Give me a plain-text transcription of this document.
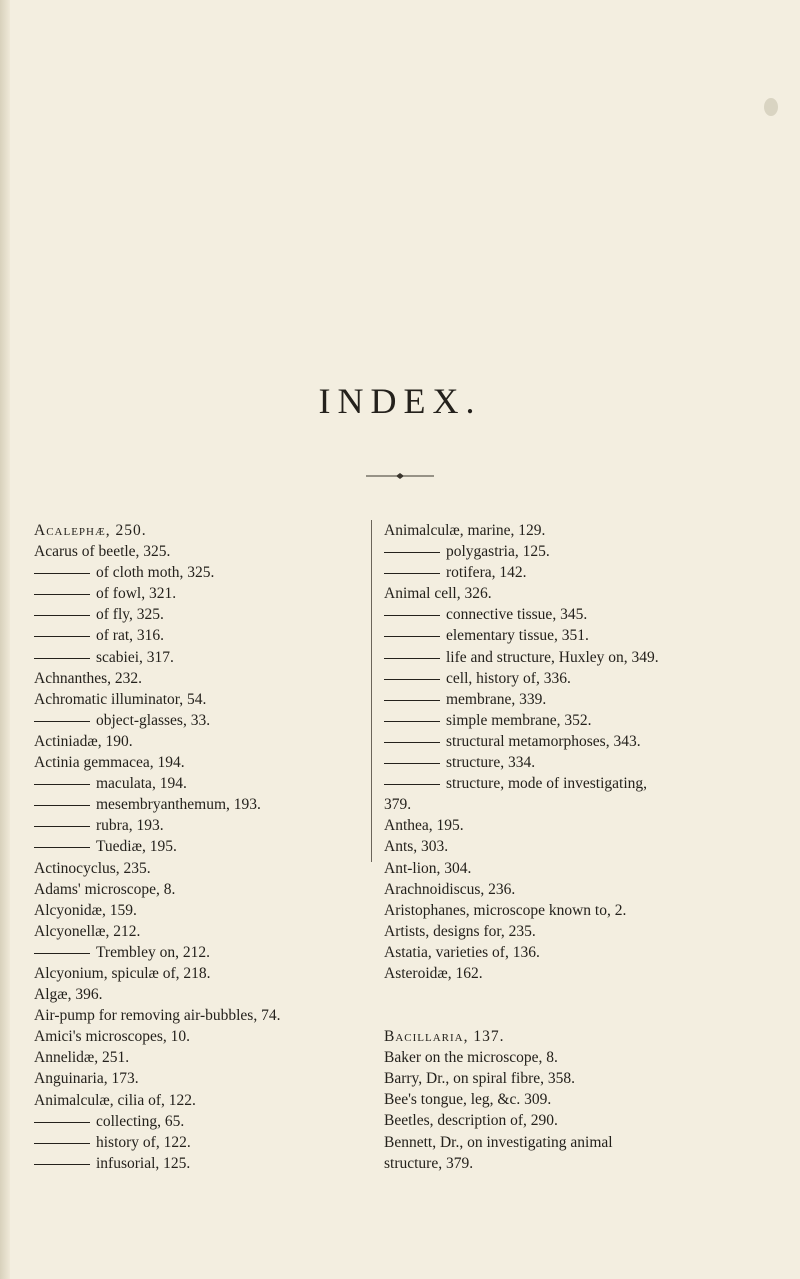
INDEX.
Acalephæ, 250.
Acarus of beetle, 325.
of cloth moth, 325.
of fowl, 321.
of fly, 325.
of rat, 316.
scabiei, 317.
Achnanthes, 232.
Achromatic illuminator, 54.
object-glasses, 33.
Actiniadæ, 190.
Actinia gemmacea, 194.
maculata, 194.
mesembryanthemum, 193.
rubra, 193.
Tuediæ, 195.
Actinocyclus, 235.
Adams' microscope, 8.
Alcyonidæ, 159.
Alcyonellæ, 212.
Trembley on, 212.
Alcyonium, spiculæ of, 218.
Algæ, 396.
Air-pump for removing air-bubbles, 74.
Amici's microscopes, 10.
Annelidæ, 251.
Anguinaria, 173.
Animalculæ, cilia of, 122.
collecting, 65.
history of, 122.
infusorial, 125.
Animalculæ, marine, 129.
polygastria, 125.
rotifera, 142.
Animal cell, 326.
connective tissue, 345.
elementary tissue, 351.
life and structure, Huxley on, 349.
cell, history of, 336.
membrane, 339.
simple membrane, 352.
structural metamorphoses, 343.
structure, 334.
structure, mode of investigating,
379.
Anthea, 195.
Ants, 303.
Ant-lion, 304.
Arachnoidiscus, 236.
Aristophanes, microscope known to, 2.
Artists, designs for, 235.
Astatia, varieties of, 136.
Asteroidæ, 162.
Bacillaria, 137.
Baker on the microscope, 8.
Barry, Dr., on spiral fibre, 358.
Bee's tongue, leg, &c. 309.
Beetles, description of, 290.
Bennett, Dr., on investigating animal
structure, 379.
